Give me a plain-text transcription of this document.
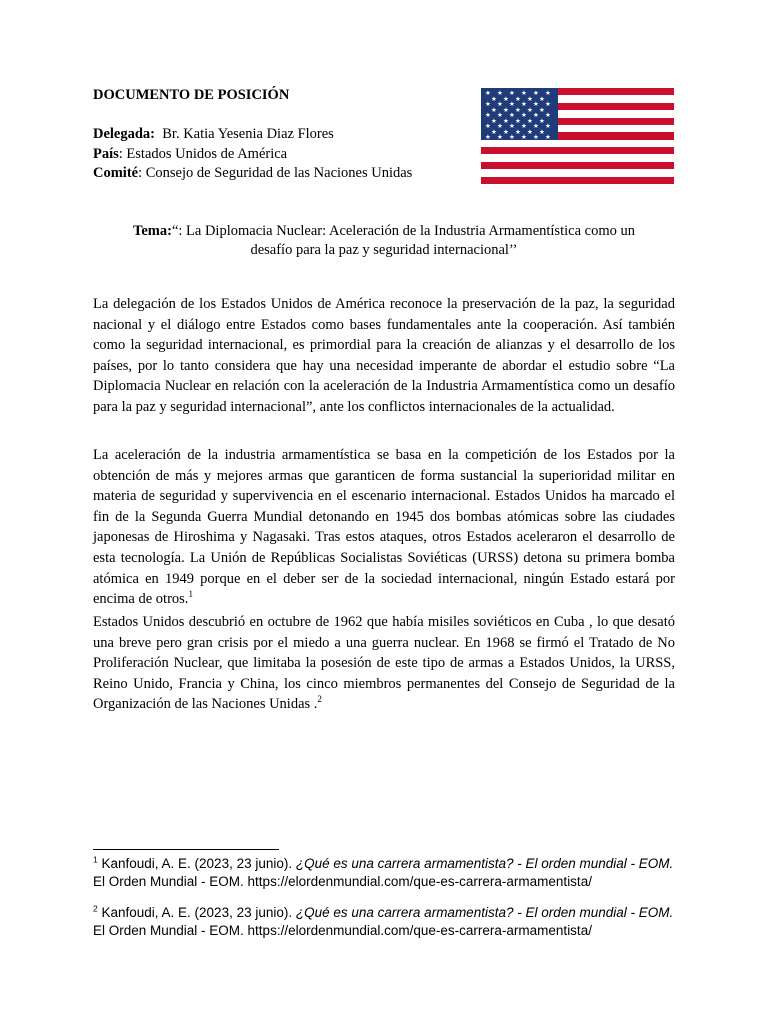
DOCUMENTO DE POSICIÓN
Delegada: Br. Katia Yesenia Diaz Flores
País: Estados Unidos de América
Comité: Consejo de Seguridad de las Naciones Unidas
★ ★ ★ ★ ★ ★
★ ★ ★ ★ ★
★ ★ ★ ★ ★ ★
★ ★ ★ ★ ★
★ ★ ★ ★ ★ ★
★ ★ ★ ★ ★
★ ★ ★ ★ ★ ★
★ ★ ★ ★ ★
★ ★ ★ ★ ★ ★
Tema:“: La Diplomacia Nuclear: Aceleración de la Industria Armamentística como un
desafío para la paz y seguridad internacional’’
La delegación de los Estados Unidos de América reconoce la preservación de la paz, la seguridad nacional y el diálogo entre Estados como bases fundamentales ante la cooperación. Así también como la seguridad internacional, es primordial para la creación de alianzas y el desarrollo de los países, por lo tanto considera que hay una necesidad imperante de abordar el estudio sobre “La Diplomacia Nuclear en relación con la aceleración de la Industria Armamentística como un desafío para la paz y seguridad internacional”, ante los conflictos internacionales de la actualidad.
La aceleración de la industria armamentística se basa en la competición de los Estados por la obtención de más y mejores armas que garanticen de forma sustancial la superioridad militar en materia de seguridad y supervivencia en el escenario internacional. Estados Unidos ha marcado el fin de la Segunda Guerra Mundial detonando en 1945 dos bombas atómicas sobre las ciudades japonesas de Hiroshima y Nagasaki. Tras estos ataques, otros Estados aceleraron el desarrollo de esta tecnología. La Unión de Repúblicas Socialistas Soviéticas (URSS) detona su primera bomba atómica en 1949 porque en el deber ser de la sociedad internacional, ningún Estado estará por encima de otros.$^1$
Estados Unidos descubrió en octubre de 1962 que había misiles soviéticos en Cuba , lo que desató una breve pero gran crisis por el miedo a una guerra nuclear. En 1968 se firmó el Tratado de No Proliferación Nuclear, que limitaba la posesión de este tipo de armas a Estados Unidos, la URSS, Reino Unido, Francia y China, los cinco miembros permanentes del Consejo de Seguridad de la Organización de las Naciones Unidas .$^2$
$^1$ Kanfoudi, A. E. (2023, 23 junio). ¿Qué es una carrera armamentista? - El orden mundial - EOM. El Orden Mundial - EOM. https://elordenmundial.com/que-es-carrera-armamentista/
$^2$ Kanfoudi, A. E. (2023, 23 junio). ¿Qué es una carrera armamentista? - El orden mundial - EOM. El Orden Mundial - EOM. https://elordenmundial.com/que-es-carrera-armamentista/
